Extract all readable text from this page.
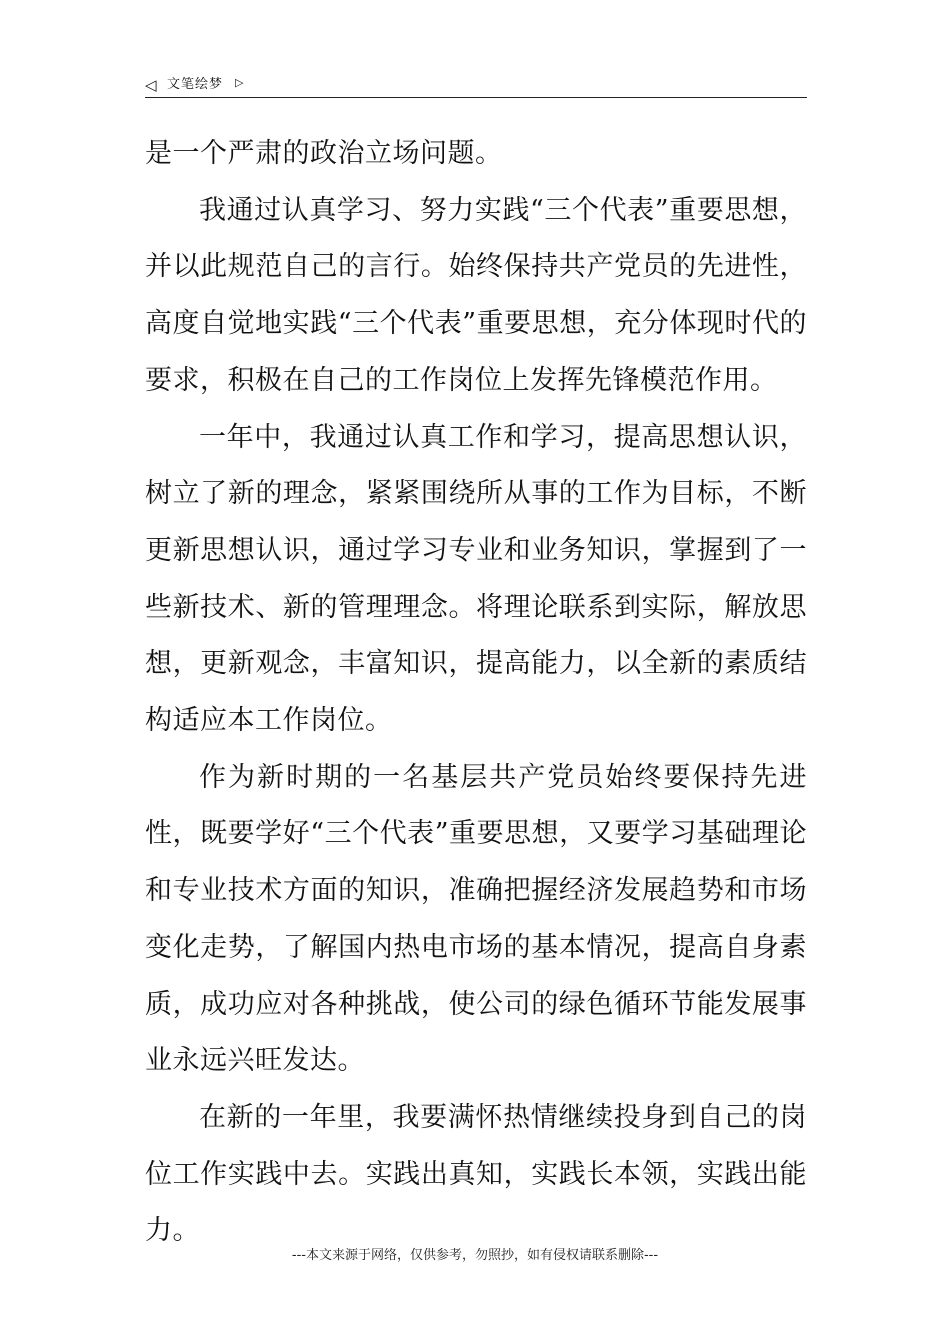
◁ 文笔绘梦 ▷

是一个严肃的政治立场问题。

我通过认真学习、努力实践“三个代表”重要思想，并以此规范自己的言行。始终保持共产党员的先进性，高度自觉地实践“三个代表”重要思想，充分体现时代的要求，积极在自己的工作岗位上发挥先锋模范作用。

一年中，我通过认真工作和学习，提高思想认识，树立了新的理念，紧紧围绕所从事的工作为目标，不断更新思想认识，通过学习专业和业务知识，掌握到了一些新技术、新的管理理念。将理论联系到实际，解放思想，更新观念，丰富知识，提高能力，以全新的素质结构适应本工作岗位。

作为新时期的一名基层共产党员始终要保持先进性，既要学好“三个代表”重要思想，又要学习基础理论和专业技术方面的知识，准确把握经济发展趋势和市场变化走势，了解国内热电市场的基本情况，提高自身素质，成功应对各种挑战，使公司的绿色循环节能发展事业永远兴旺发达。

在新的一年里，我要满怀热情继续投身到自己的岗位工作实践中去。实践出真知，实践长本领，实践出能力。

---本文来源于网络，仅供参考，勿照抄，如有侵权请联系删除---
